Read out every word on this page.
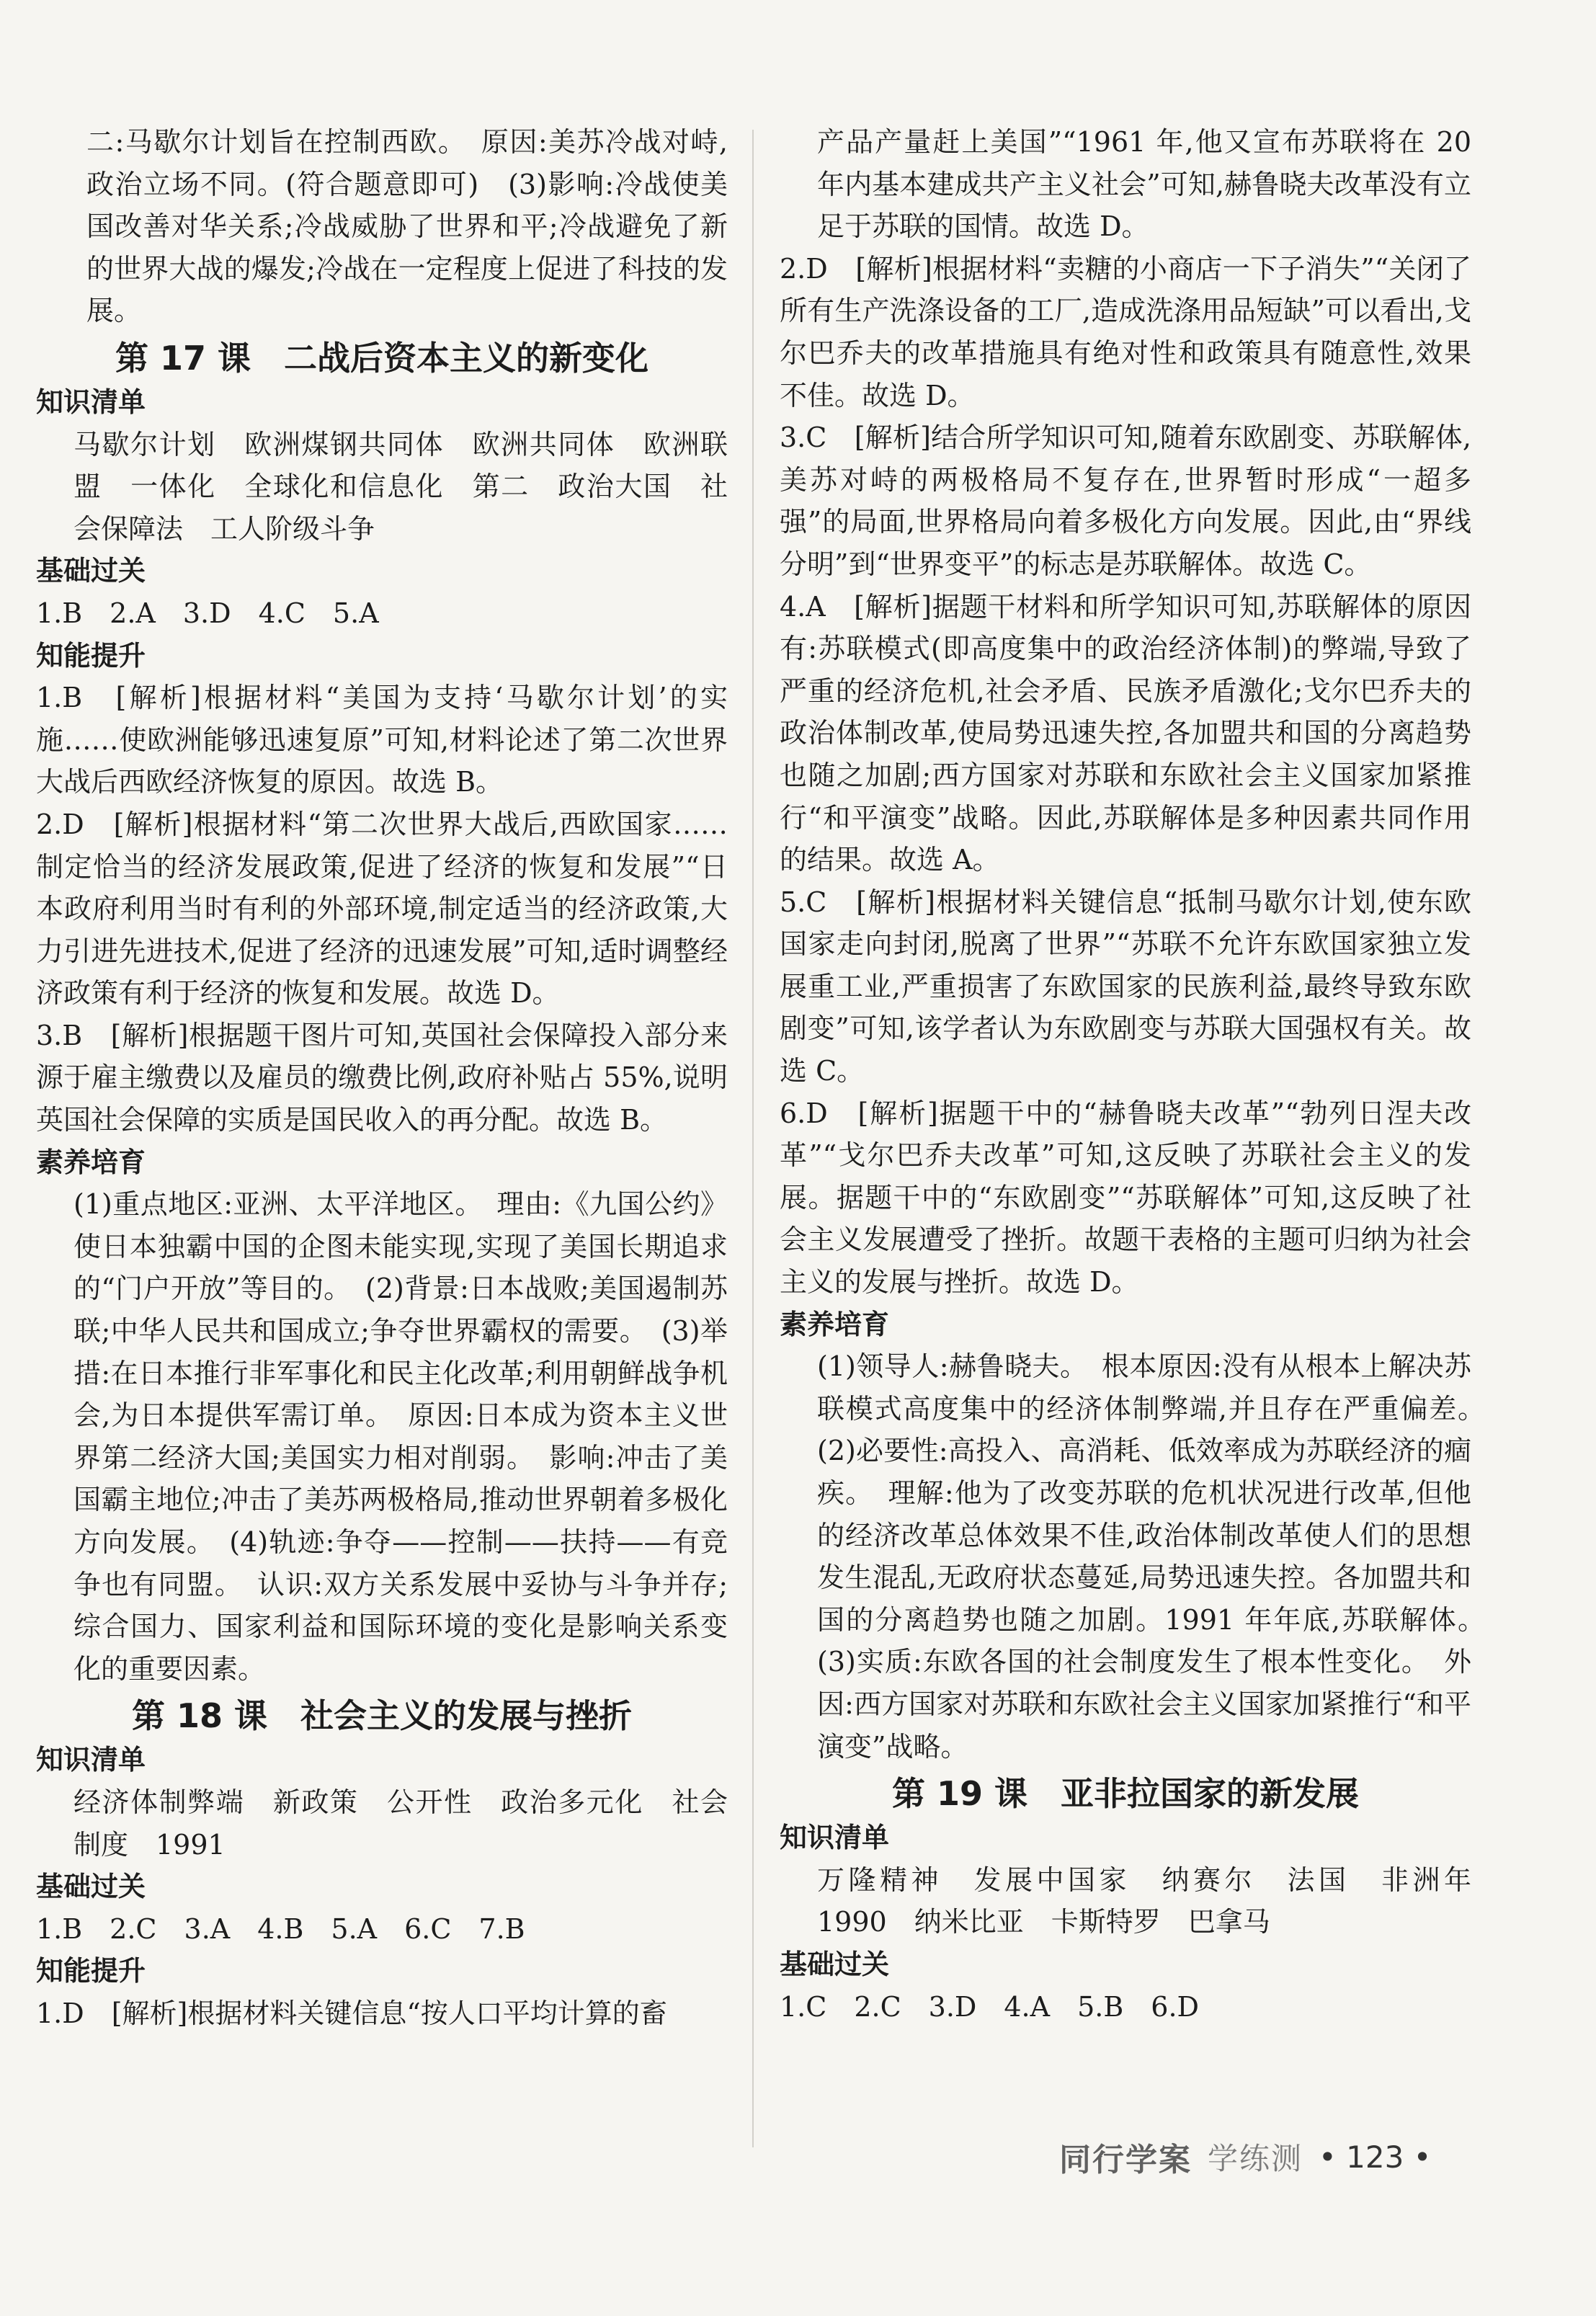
二:马歇尔计划旨在控制西欧。　原因:美苏冷战对峙,政治立场不同。(符合题意即可)　(3)影响:冷战使美国改善对华关系;冷战威胁了世界和平;冷战避免了新的世界大战的爆发;冷战在一定程度上促进了科技的发展。

第 17 课　二战后资本主义的新变化

知识清单

马歇尔计划　欧洲煤钢共同体　欧洲共同体　欧洲联盟　一体化　全球化和信息化　第二　政治大国　社会保障法　工人阶级斗争

基础过关

1.B　2.A　3.D　4.C　5.A

知能提升

1.B　[解析]根据材料“美国为支持‘马歇尔计划’的实施……使欧洲能够迅速复原”可知,材料论述了第二次世界大战后西欧经济恢复的原因。故选 B。

2.D　[解析]根据材料“第二次世界大战后,西欧国家……制定恰当的经济发展政策,促进了经济的恢复和发展”“日本政府利用当时有利的外部环境,制定适当的经济政策,大力引进先进技术,促进了经济的迅速发展”可知,适时调整经济政策有利于经济的恢复和发展。故选 D。

3.B　[解析]根据题干图片可知,英国社会保障投入部分来源于雇主缴费以及雇员的缴费比例,政府补贴占 55%,说明英国社会保障的实质是国民收入的再分配。故选 B。

素养培育

(1)重点地区:亚洲、太平洋地区。　理由:《九国公约》使日本独霸中国的企图未能实现,实现了美国长期追求的“门户开放”等目的。　(2)背景:日本战败;美国遏制苏联;中华人民共和国成立;争夺世界霸权的需要。　(3)举措:在日本推行非军事化和民主化改革;利用朝鲜战争机会,为日本提供军需订单。　原因:日本成为资本主义世界第二经济大国;美国实力相对削弱。　影响:冲击了美国霸主地位;冲击了美苏两极格局,推动世界朝着多极化方向发展。　(4)轨迹:争夺——控制——扶持——有竞争也有同盟。　认识:双方关系发展中妥协与斗争并存;综合国力、国家利益和国际环境的变化是影响关系变化的重要因素。

第 18 课　社会主义的发展与挫折

知识清单

经济体制弊端　新政策　公开性　政治多元化　社会制度　1991

基础过关

1.B　2.C　3.A　4.B　5.A　6.C　7.B

知能提升

1.D　[解析]根据材料关键信息“按人口平均计算的畜

产品产量赶上美国”“1961 年,他又宣布苏联将在 20 年内基本建成共产主义社会”可知,赫鲁晓夫改革没有立足于苏联的国情。故选 D。

2.D　[解析]根据材料“卖糖的小商店一下子消失”“关闭了所有生产洗涤设备的工厂,造成洗涤用品短缺”可以看出,戈尔巴乔夫的改革措施具有绝对性和政策具有随意性,效果不佳。故选 D。

3.C　[解析]结合所学知识可知,随着东欧剧变、苏联解体,美苏对峙的两极格局不复存在,世界暂时形成“一超多强”的局面,世界格局向着多极化方向发展。因此,由“界线分明”到“世界变平”的标志是苏联解体。故选 C。

4.A　[解析]据题干材料和所学知识可知,苏联解体的原因有:苏联模式(即高度集中的政治经济体制)的弊端,导致了严重的经济危机,社会矛盾、民族矛盾激化;戈尔巴乔夫的政治体制改革,使局势迅速失控,各加盟共和国的分离趋势也随之加剧;西方国家对苏联和东欧社会主义国家加紧推行“和平演变”战略。因此,苏联解体是多种因素共同作用的结果。故选 A。

5.C　[解析]根据材料关键信息“抵制马歇尔计划,使东欧国家走向封闭,脱离了世界”“苏联不允许东欧国家独立发展重工业,严重损害了东欧国家的民族利益,最终导致东欧剧变”可知,该学者认为东欧剧变与苏联大国强权有关。故选 C。

6.D　[解析]据题干中的“赫鲁晓夫改革”“勃列日涅夫改革”“戈尔巴乔夫改革”可知,这反映了苏联社会主义的发展。据题干中的“东欧剧变”“苏联解体”可知,这反映了社会主义发展遭受了挫折。故题干表格的主题可归纳为社会主义的发展与挫折。故选 D。

素养培育

(1)领导人:赫鲁晓夫。　根本原因:没有从根本上解决苏联模式高度集中的经济体制弊端,并且存在严重偏差。　(2)必要性:高投入、高消耗、低效率成为苏联经济的痼疾。　理解:他为了改变苏联的危机状况进行改革,但他的经济改革总体效果不佳,政治体制改革使人们的思想发生混乱,无政府状态蔓延,局势迅速失控。各加盟共和国的分离趋势也随之加剧。1991 年年底,苏联解体。　(3)实质:东欧各国的社会制度发生了根本性变化。　外因:西方国家对苏联和东欧社会主义国家加紧推行“和平演变”战略。

第 19 课　亚非拉国家的新发展

知识清单

万隆精神　发展中国家　纳赛尔　法国　非洲年　1990　纳米比亚　卡斯特罗　巴拿马

基础过关

1.C　2.C　3.D　4.A　5.B　6.D

同行学案 学练测 • 123 •
